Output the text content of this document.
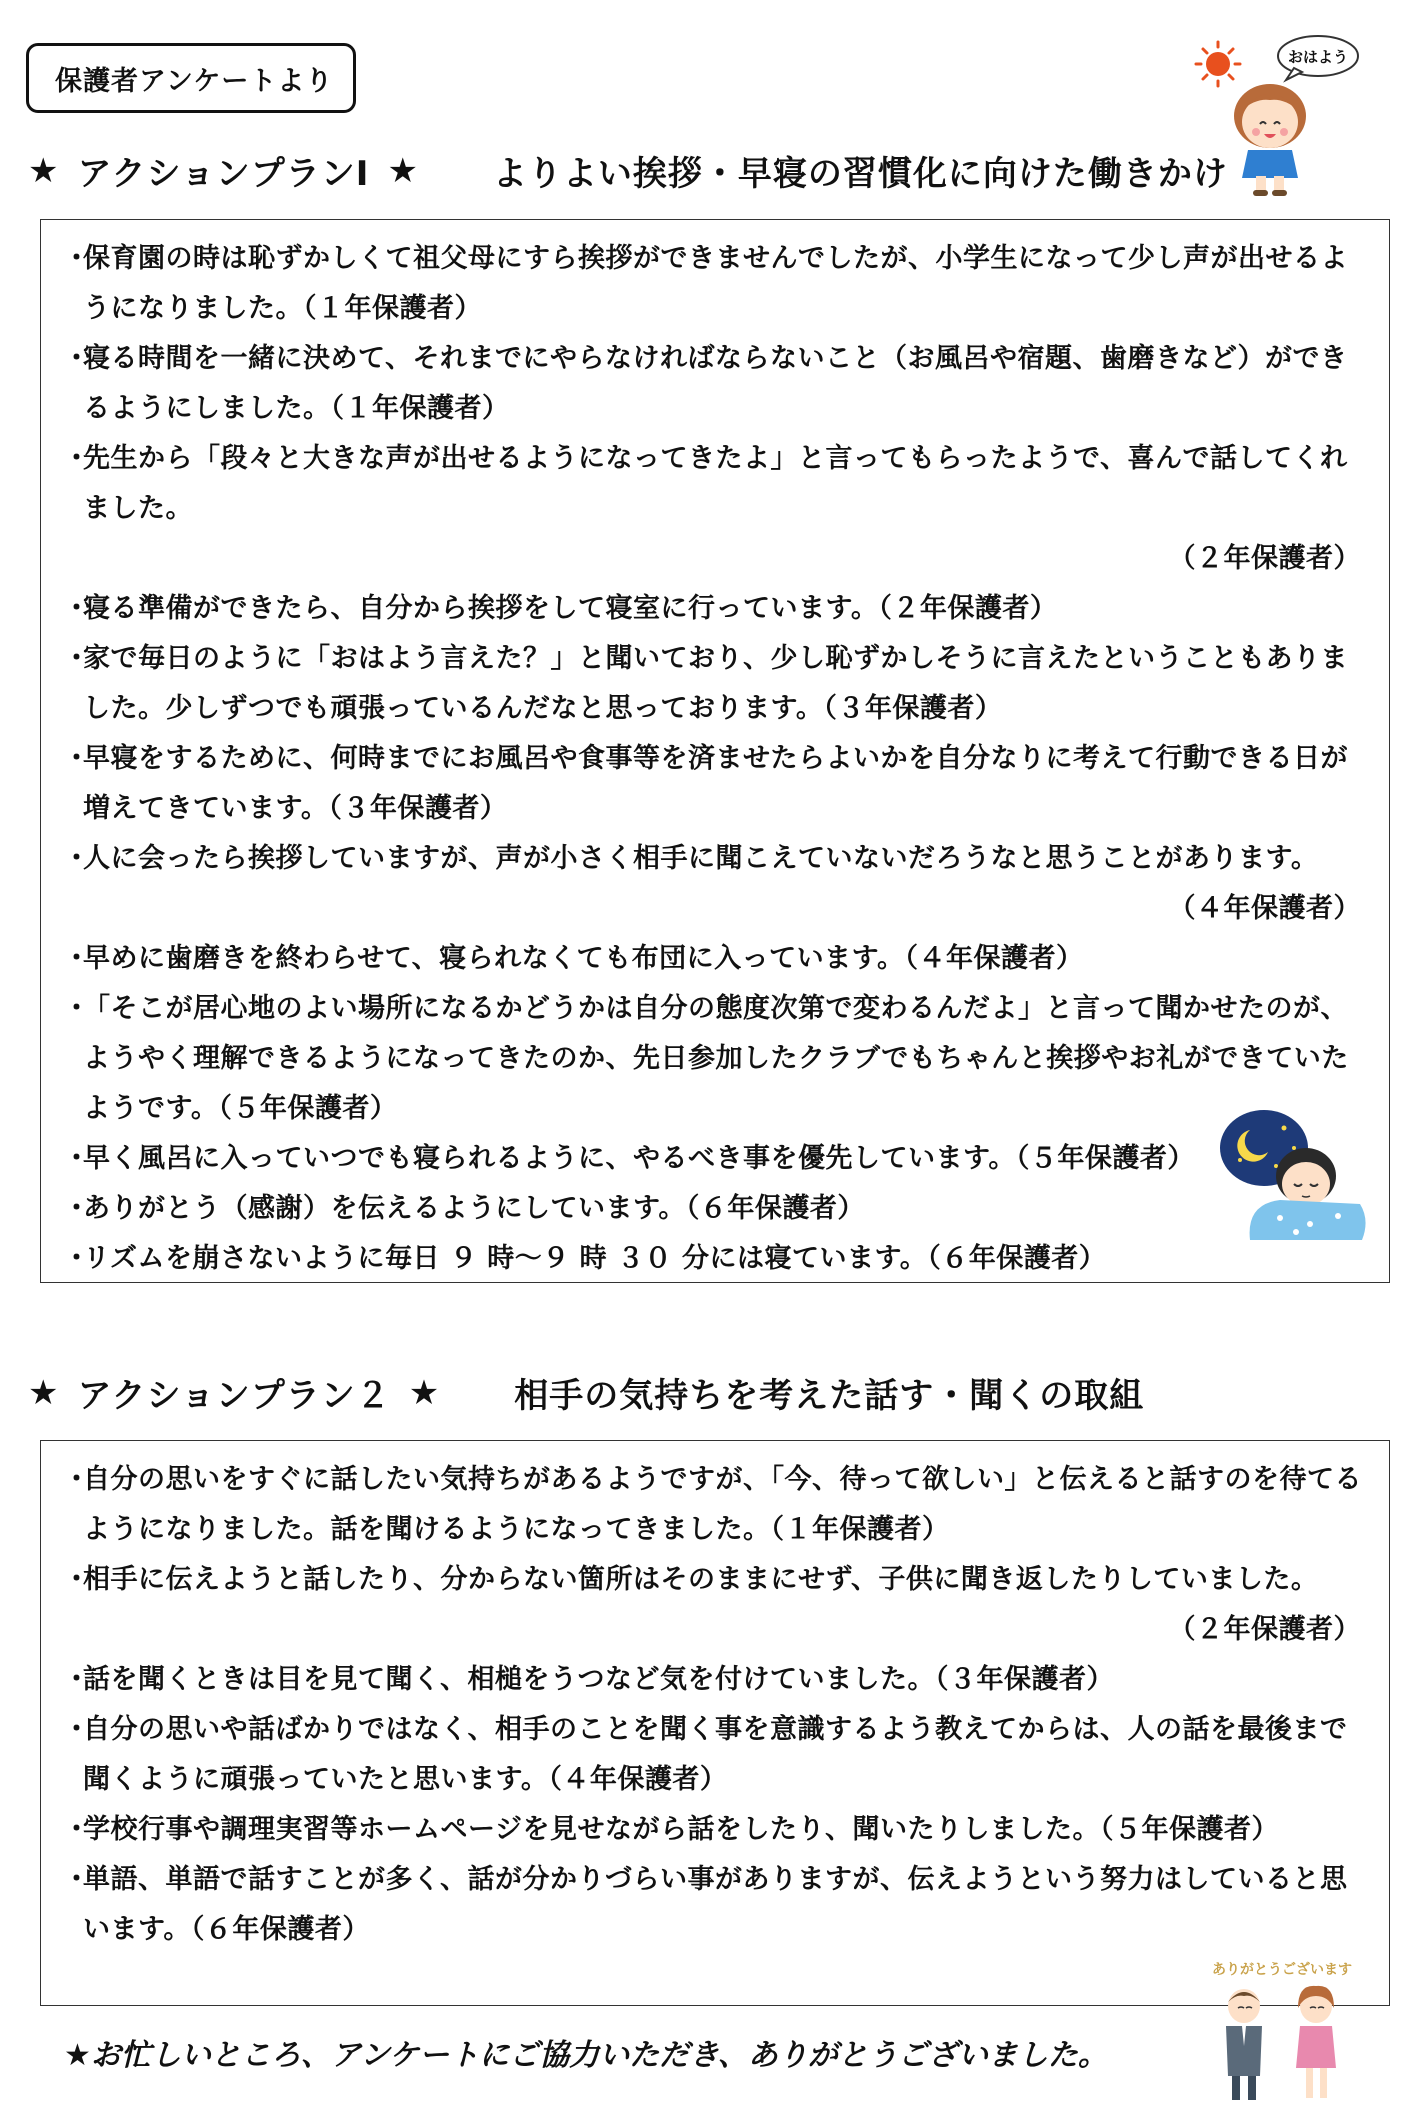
保護者アンケートより
★ アクションプランⅠ ★ よりよい挨拶・早寝の習慣化に向けた働きかけ
・
保育園の時は恥ずかしくて祖父母にすら挨拶ができませんでしたが、小学生になって少し声が出せるようになりました。（１年保護者）
・
寝る時間を一緒に決めて、それまでにやらなければならないこと（お風呂や宿題、歯磨きなど）ができるようにしました。（１年保護者）
・
先生から「段々と大きな声が出せるようになってきたよ」と言ってもらったようで、喜んで話してくれました。
（２年保護者）
・
寝る準備ができたら、自分から挨拶をして寝室に行っています。（２年保護者）
・
家で毎日のように「おはよう言えた？」と聞いており、少し恥ずかしそうに言えたということもありました。少しずつでも頑張っているんだなと思っております。（３年保護者）
・
早寝をするために、何時までにお風呂や食事等を済ませたらよいかを自分なりに考えて行動できる日が増えてきています。（３年保護者）
・
人に会ったら挨拶していますが、声が小さく相手に聞こえていないだろうなと思うことがあります。
（４年保護者）
・
早めに歯磨きを終わらせて、寝られなくても布団に入っています。（４年保護者）
・
「そこが居心地のよい場所になるかどうかは自分の態度次第で変わるんだよ」と言って聞かせたのが、ようやく理解できるようになってきたのか、先日参加したクラブでもちゃんと挨拶やお礼ができていたようです。（５年保護者）
・
早く風呂に入っていつでも寝られるように、やるべき事を優先しています。（５年保護者）
・
ありがとう（感謝）を伝えるようにしています。（６年保護者）
・
リズムを崩さないように毎日 ９ 時～９ 時 ３０ 分には寝ています。（６年保護者）
★ アクションプラン２ ★ 相手の気持ちを考えた話す・聞くの取組
・
自分の思いをすぐに話したい気持ちがあるようですが、「今、待って欲しい」と伝えると話すのを待てるようになりました。話を聞けるようになってきました。（１年保護者）
・
相手に伝えようと話したり、分からない箇所はそのままにせず、子供に聞き返したりしていました。
（２年保護者）
・
話を聞くときは目を見て聞く、相槌をうつなど気を付けていました。（３年保護者）
・
自分の思いや話ばかりではなく、相手のことを聞く事を意識するよう教えてからは、人の話を最後まで聞くように頑張っていたと思います。（４年保護者）
・
学校行事や調理実習等ホームページを見せながら話をしたり、聞いたりしました。（５年保護者）
・
単語、単語で話すことが多く、話が分かりづらい事がありますが、伝えようという努力はしていると思います。（６年保護者）
★お忙しいところ、アンケートにご協力いただき、ありがとうございました。
おはよう
ありがとうございます
